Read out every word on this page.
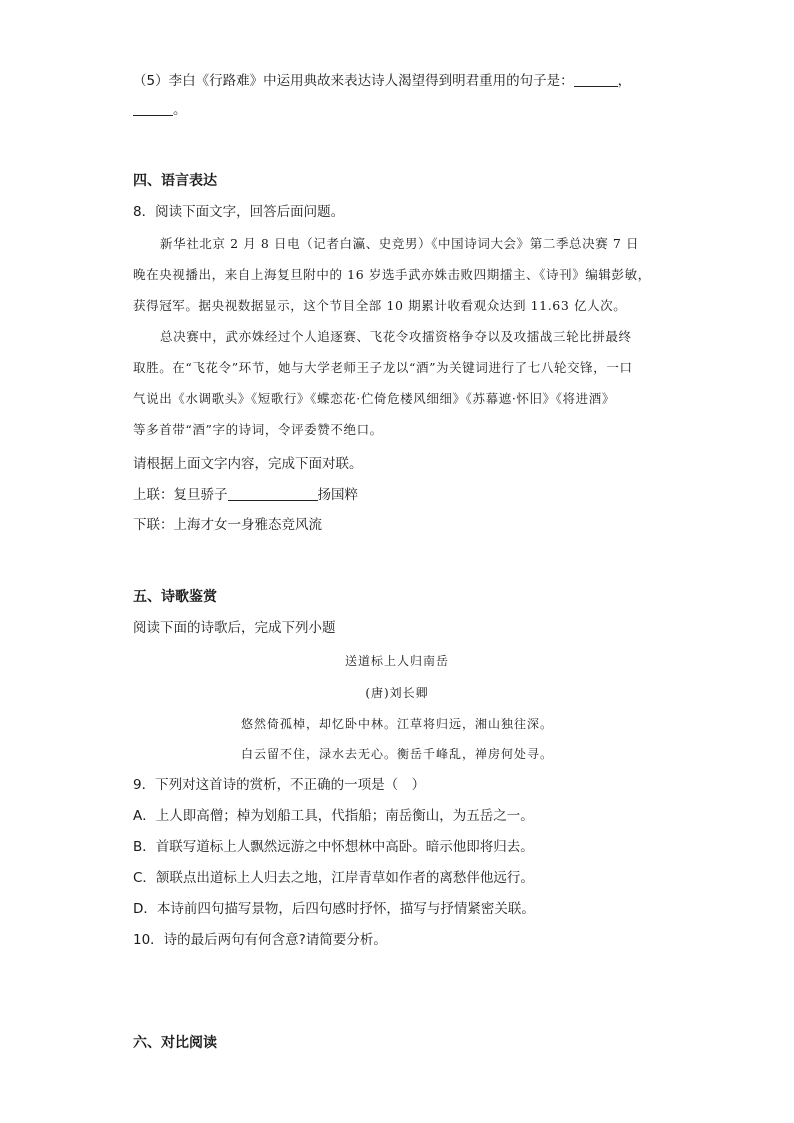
（5）李白《行路难》中运用典故来表达诗人渴望得到明君重用的句子是：	，
。
四、语言表达
8．阅读下面文字，回答后面问题。
新华社北京 2 月 8 日电（记者白瀛、史竞男）《中国诗词大会》第二季总决赛 7 日
晚在央视播出，来自上海复旦附中的 16 岁选手武亦姝击败四期擂主、《诗刊》编辑彭敏，
获得冠军。据央视数据显示，这个节目全部 10 期累计收看观众达到 11.63 亿人次。
总决赛中，武亦姝经过个人追逐赛、飞花令攻擂资格争夺以及攻擂战三轮比拼最终
取胜。在“飞花令”环节，她与大学老师王子龙以“酒”为关键词进行了七八轮交锋，一口
气说出《水调歌头》《短歌行》《蝶恋花·伫倚危楼风细细》《苏幕遮·怀旧》《将进酒》
等多首带“酒”字的诗词，令评委赞不绝口。
请根据上面文字内容，完成下面对联。
上联：复旦骄子	扬国粹
下联：上海才女一身雅态竞风流
五、诗歌鉴赏
阅读下面的诗歌后，完成下列小题
送道标上人归南岳
(唐)刘长卿
悠然倚孤棹，却忆卧中林。江草将归远，湘山独往深。
白云留不住，渌水去无心。衡岳千峰乱，禅房何处寻。
9．下列对这首诗的赏析，不正确的一项是（　）
A．上人即高僧；棹为划船工具，代指船；南岳衡山，为五岳之一。
B．首联写道标上人飘然远游之中怀想林中高卧。暗示他即将归去。
C．颔联点出道标上人归去之地，江岸青草如作者的离愁伴他远行。
D．本诗前四句描写景物，后四句感时抒怀，描写与抒情紧密关联。
10．诗的最后两句有何含意?请简要分析。
六、对比阅读
